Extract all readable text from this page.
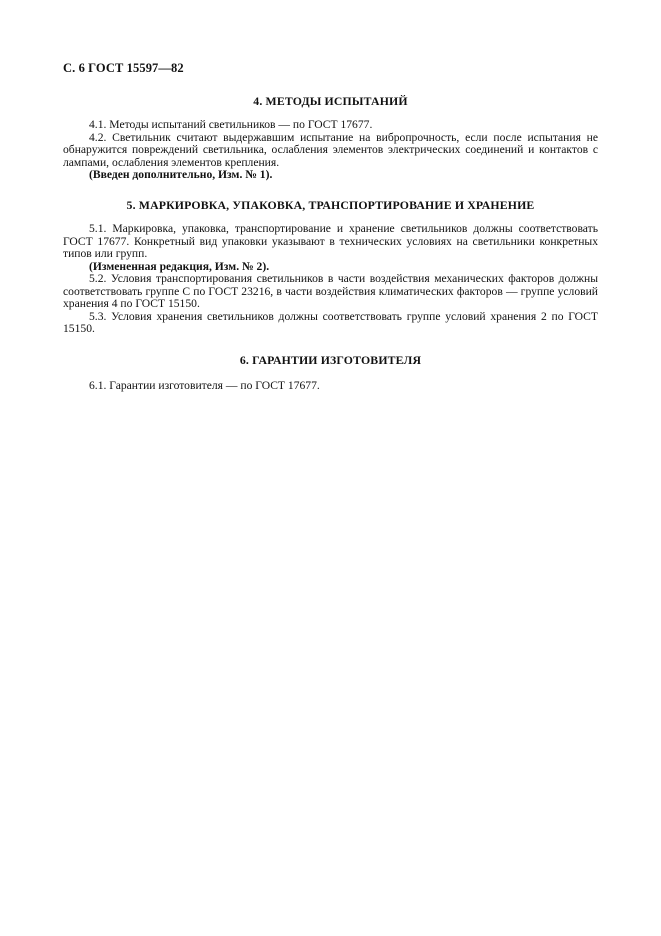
С. 6 ГОСТ 15597—82

4. МЕТОДЫ ИСПЫТАНИЙ

4.1. Методы испытаний светильников — по ГОСТ 17677.

4.2. Светильник считают выдержавшим испытание на вибропрочность, если после испытания не обнаружится повреждений светильника, ослабления элементов электрических соединений и контактов с лампами, ослабления элементов крепления.

(Введен дополнительно, Изм. № 1).

5. МАРКИРОВКА, УПАКОВКА, ТРАНСПОРТИРОВАНИЕ И ХРАНЕНИЕ

5.1. Маркировка, упаковка, транспортирование и хранение светильников должны соответствовать ГОСТ 17677. Конкретный вид упаковки указывают в технических условиях на светильники конкретных типов или групп.

(Измененная редакция, Изм. № 2).

5.2. Условия транспортирования светильников в части воздействия механических факторов должны соответствовать группе С по ГОСТ 23216, в части воздействия климатических факторов — группе условий хранения 4 по ГОСТ 15150.

5.3. Условия хранения светильников должны соответствовать группе условий хранения 2 по ГОСТ 15150.

6. ГАРАНТИИ ИЗГОТОВИТЕЛЯ

6.1. Гарантии изготовителя — по ГОСТ 17677.
